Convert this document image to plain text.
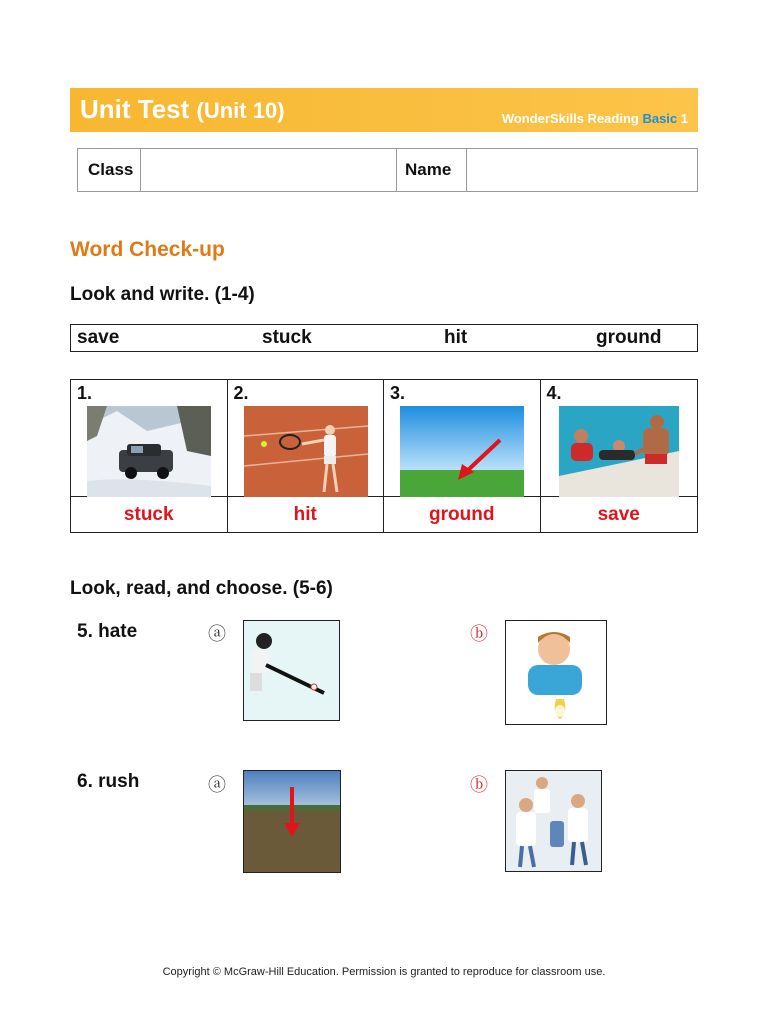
Unit Test (Unit 10)	WonderSkills Reading Basic 1
Class	Name
Word Check-up
Look and write. (1-4)
save	stuck	hit	ground
1.	2.	3.	4.
stuck	hit	ground	save
Look, read, and choose. (5-6)
5. hate	ⓐ	ⓑ
6. rush	ⓐ	ⓑ
Copyright © McGraw-Hill Education. Permission is granted to reproduce for classroom use.
